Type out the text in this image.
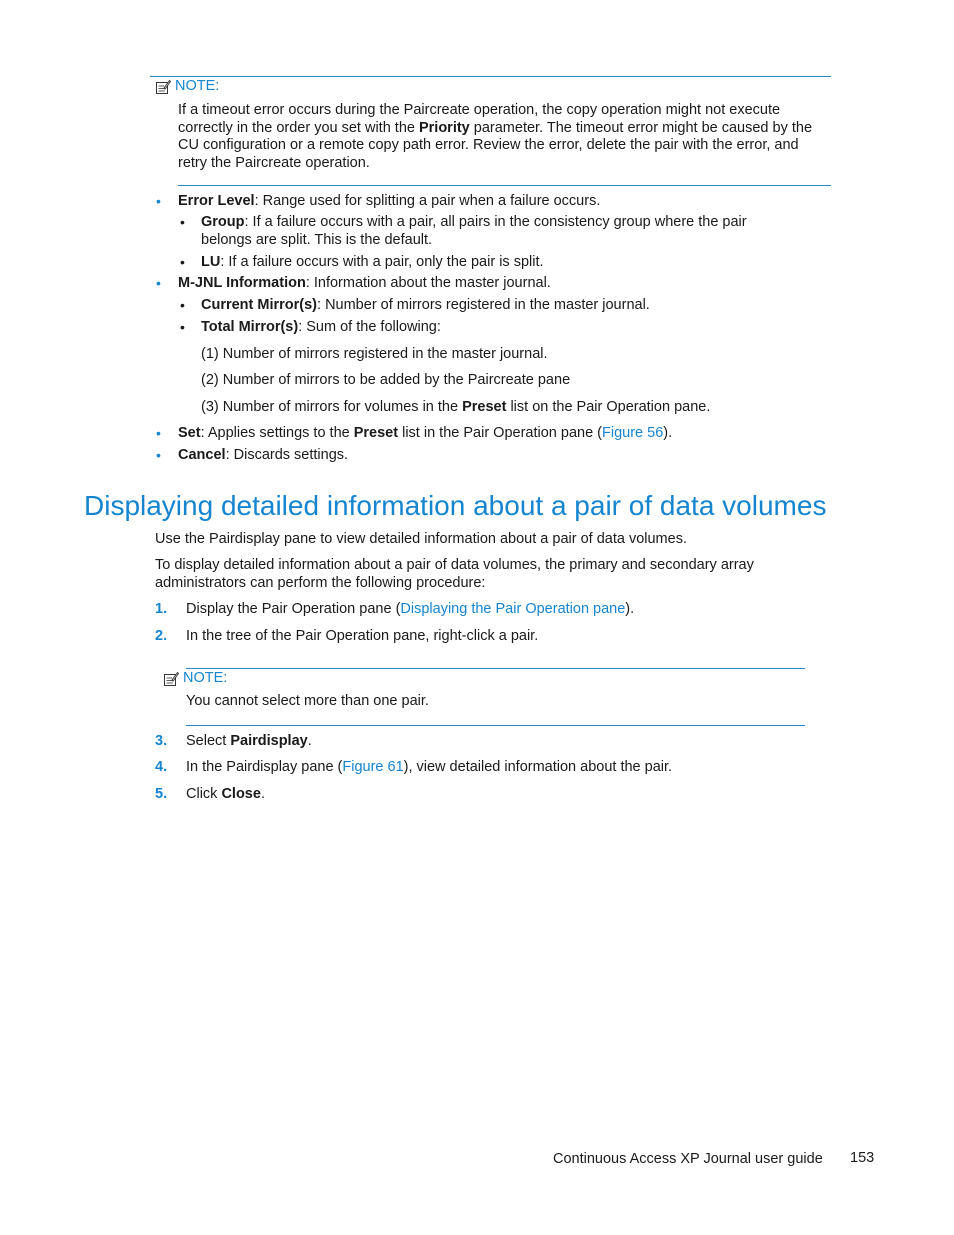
NOTE:
If a timeout error occurs during the Paircreate operation, the copy operation might not execute correctly in the order you set with the Priority parameter. The timeout error might be caused by the CU configuration or a remote copy path error. Review the error, delete the pair with the error, and retry the Paircreate operation.
• Error Level: Range used for splitting a pair when a failure occurs.
• Group: If a failure occurs with a pair, all pairs in the consistency group where the pair belongs are split. This is the default.
• LU: If a failure occurs with a pair, only the pair is split.
• M-JNL Information: Information about the master journal.
• Current Mirror(s): Number of mirrors registered in the master journal.
• Total Mirror(s): Sum of the following:
(1) Number of mirrors registered in the master journal.
(2) Number of mirrors to be added by the Paircreate pane
(3) Number of mirrors for volumes in the Preset list on the Pair Operation pane.
• Set: Applies settings to the Preset list in the Pair Operation pane (Figure 56).
• Cancel: Discards settings.
Displaying detailed information about a pair of data volumes
Use the Pairdisplay pane to view detailed information about a pair of data volumes.
To display detailed information about a pair of data volumes, the primary and secondary array administrators can perform the following procedure:
1. Display the Pair Operation pane (Displaying the Pair Operation pane).
2. In the tree of the Pair Operation pane, right-click a pair.
NOTE:
You cannot select more than one pair.
3. Select Pairdisplay.
4. In the Pairdisplay pane (Figure 61), view detailed information about the pair.
5. Click Close.
Continuous Access XP Journal user guide 153
